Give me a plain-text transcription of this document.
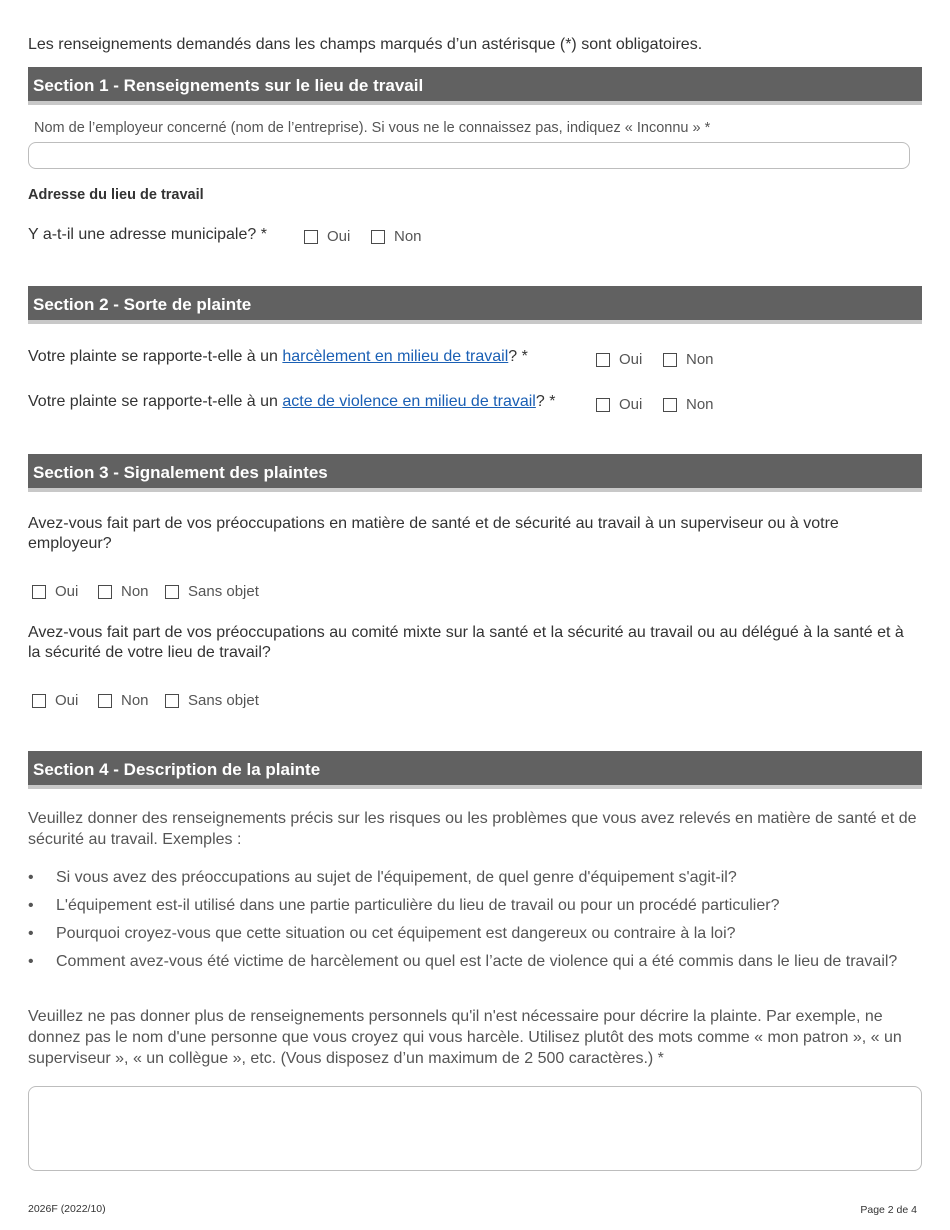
Les renseignements demandés dans les champs marqués d’un astérisque (*) sont obligatoires.
Section 1 - Renseignements sur le lieu de travail
Nom de l’employeur concerné (nom de l’entreprise). Si vous ne le connaissez pas, indiquez « Inconnu » *
Adresse du lieu de travail
Y a-t-il une adresse municipale? *	Oui	Non
Section 2 - Sorte de plainte
Votre plainte se rapporte-t-elle à un harcèlement en milieu de travail? *	Oui	Non
Votre plainte se rapporte-t-elle à un acte de violence en milieu de travail? *	Oui	Non
Section 3 - Signalement des plaintes
Avez-vous fait part de vos préoccupations en matière de santé et de sécurité au travail à un superviseur ou à votre employeur?
Oui	Non	Sans objet
Avez-vous fait part de vos préoccupations au comité mixte sur la santé et la sécurité au travail ou au délégué à la santé et à la sécurité de votre lieu de travail?
Oui	Non	Sans objet
Section 4 - Description de la plainte
Veuillez donner des renseignements précis sur les risques ou les problèmes que vous avez relevés en matière de santé et de sécurité au travail. Exemples :
• Si vous avez des préoccupations au sujet de l'équipement, de quel genre d'équipement s'agit-il?
• L'équipement est-il utilisé dans une partie particulière du lieu de travail ou pour un procédé particulier?
• Pourquoi croyez-vous que cette situation ou cet équipement est dangereux ou contraire à la loi?
• Comment avez-vous été victime de harcèlement ou quel est l’acte de violence qui a été commis dans le lieu de travail?
Veuillez ne pas donner plus de renseignements personnels qu'il n'est nécessaire pour décrire la plainte. Par exemple, ne donnez pas le nom d'une personne que vous croyez qui vous harcèle. Utilisez plutôt des mots comme « mon patron », « un superviseur », « un collègue », etc. (Vous disposez d’un maximum de 2 500 caractères.) *
2026F (2022/10)	Page 2 de 4
